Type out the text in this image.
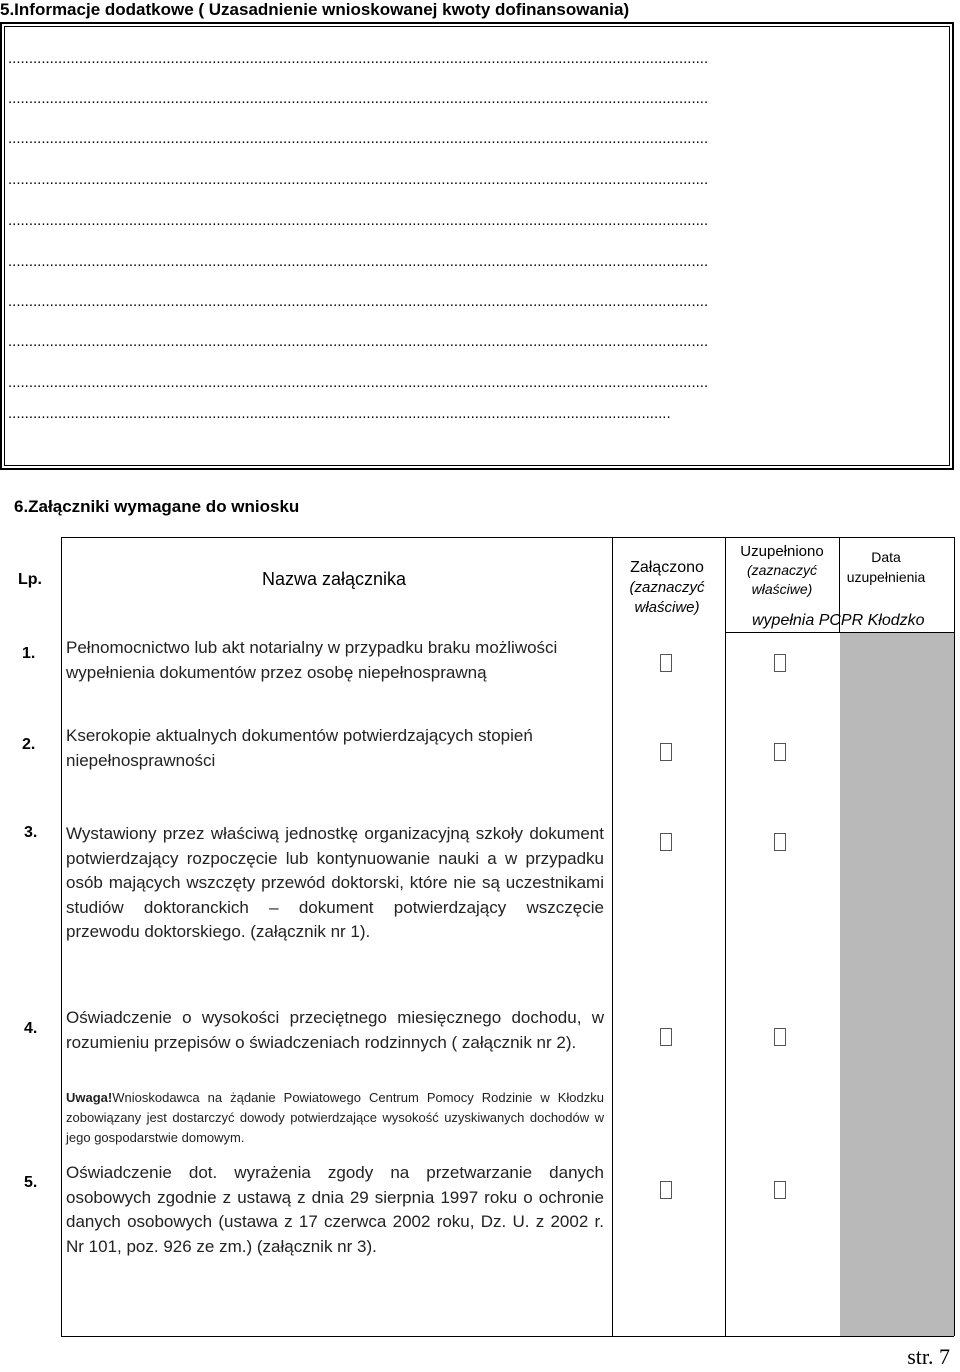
5.Informacje dodatkowe ( Uzasadnienie wnioskowanej kwoty dofinansowania)
........................................................................................................................................................................
........................................................................................................................................................................
........................................................................................................................................................................
........................................................................................................................................................................
........................................................................................................................................................................
........................................................................................................................................................................
........................................................................................................................................................................
........................................................................................................................................................................
........................................................................................................................................................................
...............................................................................................................................................................
6.Załączniki wymagane do wniosku
Lp.	Nazwa załącznika
Załączono
(zaznaczyć właściwe)
Uzupełniono
(zaznaczyć właściwe)
Data uzupełnienia
wypełnia PCPR Kłodzko
1. Pełnomocnictwo lub akt notarialny w przypadku braku możliwości wypełnienia dokumentów przez osobę niepełnosprawną
2. Kserokopie aktualnych dokumentów potwierdzających stopień niepełnosprawności
3. Wystawiony przez właściwą jednostkę organizacyjną szkoły dokument potwierdzający rozpoczęcie lub kontynuowanie nauki a w przypadku osób mających wszczęty przewód doktorski, które nie są uczestnikami studiów doktoranckich – dokument potwierdzający wszczęcie przewodu doktorskiego. (załącznik nr 1).
4.
Oświadczenie o wysokości przeciętnego miesięcznego dochodu, w rozumieniu przepisów o świadczeniach rodzinnych ( załącznik nr 2).
Uwaga!Wnioskodawca na żądanie Powiatowego Centrum Pomocy Rodzinie w Kłodzku zobowiązany jest dostarczyć dowody potwierdzające wysokość uzyskiwanych dochodów w jego gospodarstwie domowym.
5.
Oświadczenie dot. wyrażenia zgody na przetwarzanie danych osobowych zgodnie z ustawą z dnia 29 sierpnia 1997 roku o ochronie danych osobowych (ustawa z 17 czerwca 2002 roku, Dz. U. z 2002 r. Nr 101, poz. 926 ze zm.) (załącznik nr 3).
str. 7
